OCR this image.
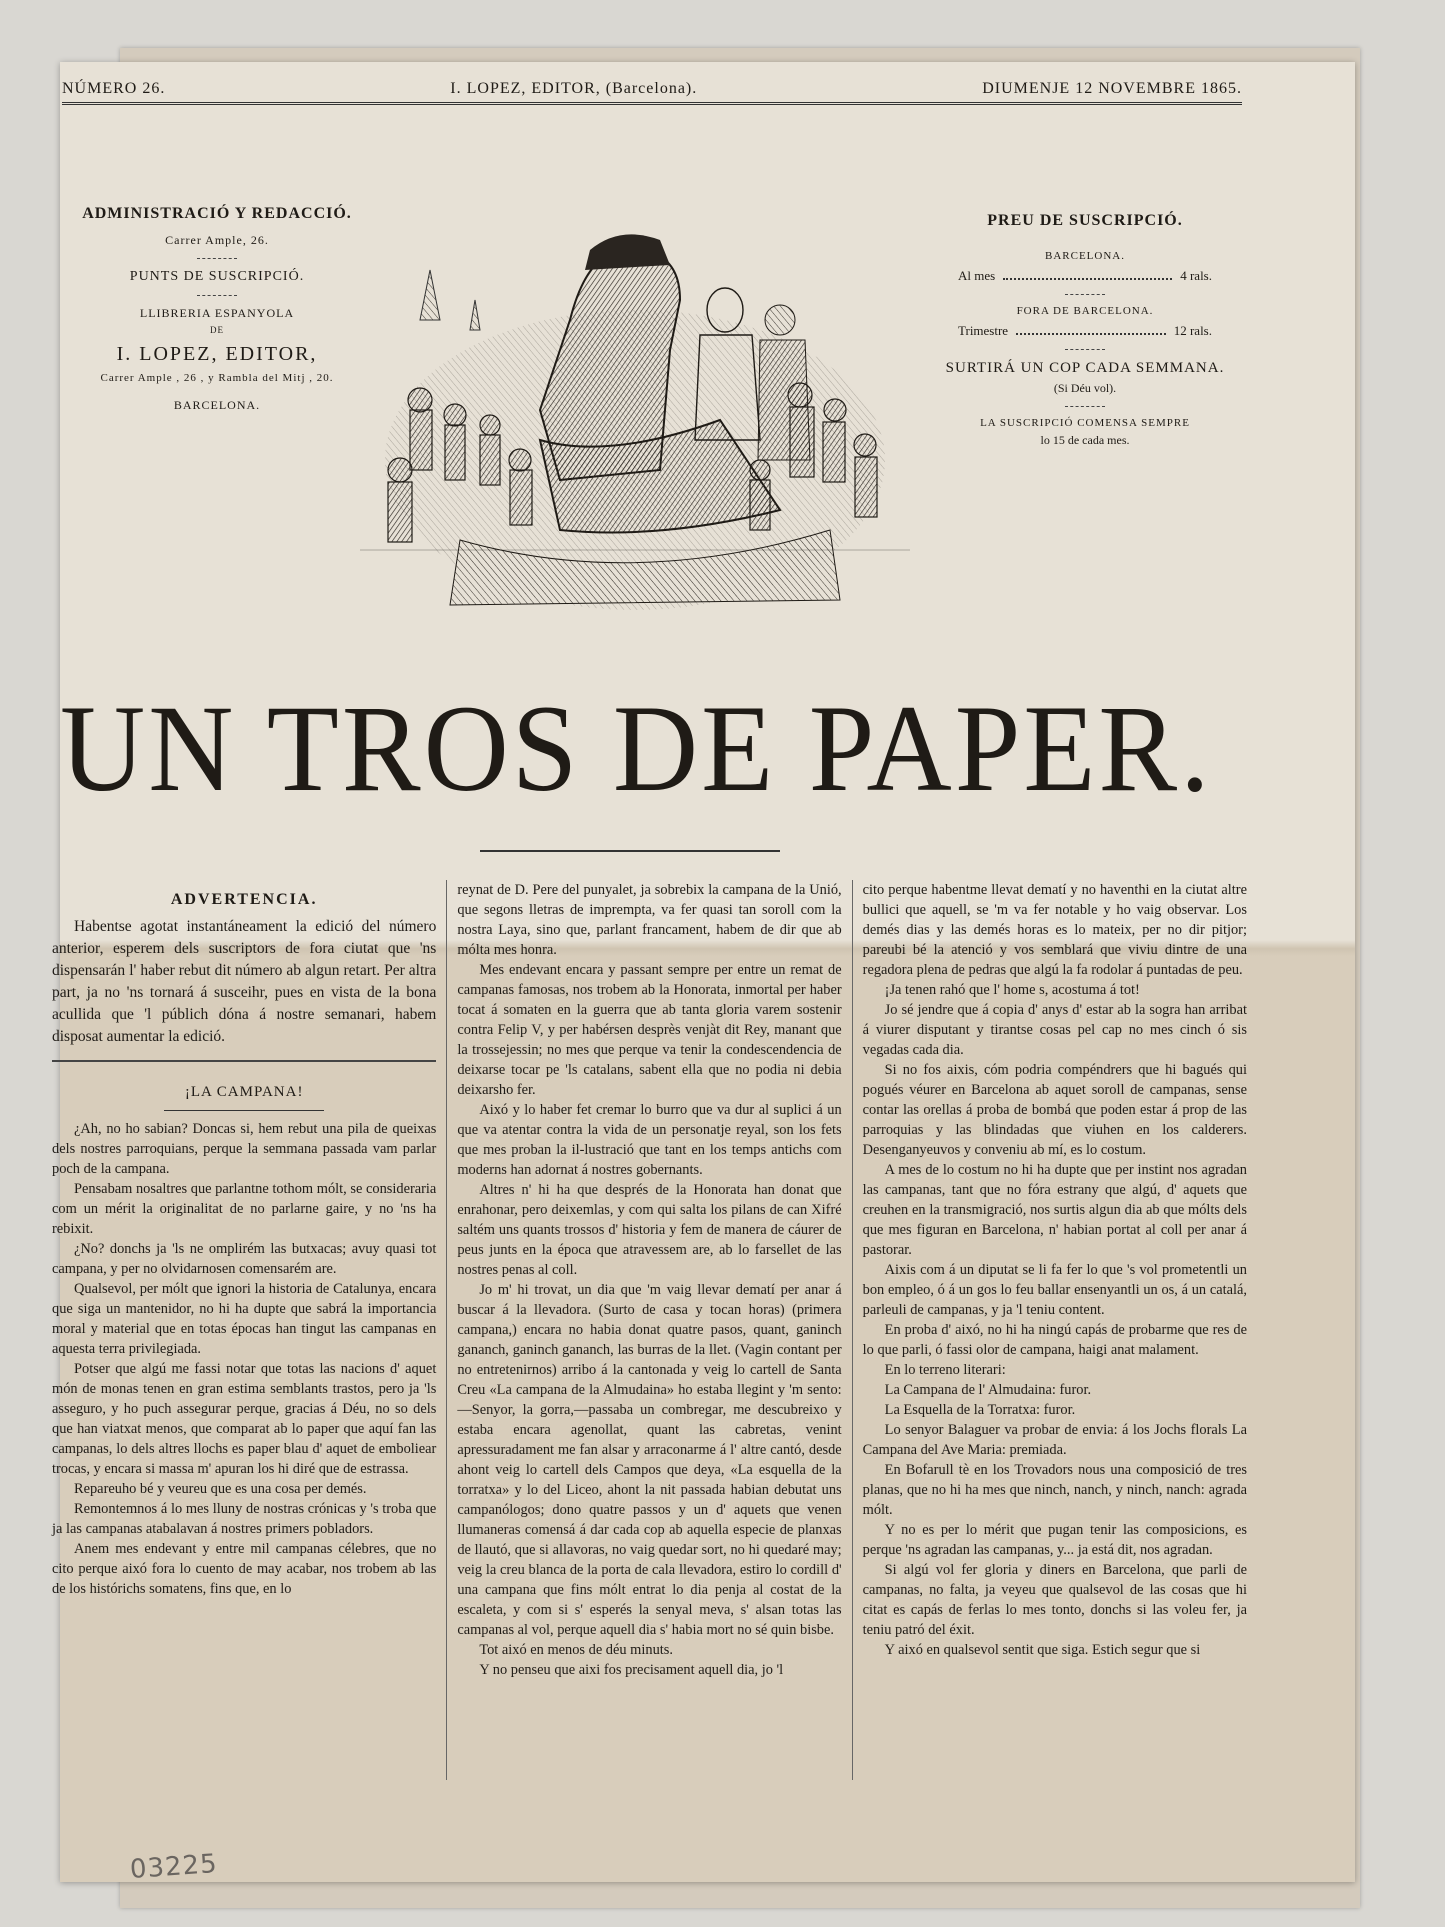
NÚMERO 26.	I. LOPEZ, EDITOR, (Barcelona).	DIUMENJE 12 NOVEMBRE 1865.
ADMINISTRACIÓ Y REDACCIÓ.
Carrer Ample, 26.
PUNTS DE SUSCRIPCIÓ.
LLIBRERIA ESPANYOLA
DE
I. LOPEZ, EDITOR,
Carrer Ample , 26 , y Rambla del Mitj , 20.
BARCELONA.
PREU DE SUSCRIPCIÓ.
BARCELONA.
Al mes	4 rals.
FORA DE BARCELONA.
Trimestre	12 rals.
SURTIRÁ UN COP CADA SEMMANA.
(Si Déu vol).
LA SUSCRIPCIÓ COMENSA SEMPRE
lo 15 de cada mes.
UN TROS DE PAPER.
ADVERTENCIA.

Habentse agotat instantáneament la edició del número anterior, esperem dels suscriptors de fora ciutat que 'ns dispensarán l' haber rebut dit número ab algun retart. Per altra part, ja no 'ns tornará á susceihr, pues en vista de la bona acullida que 'l públich dóna á nostre semanari, habem disposat aumentar la edició.

¡LA CAMPANA!

¿Ah, no ho sabian? Doncas si, hem rebut una pila de queixas dels nostres parroquians, perque la semmana passada vam parlar poch de la campana.

Pensabam nosaltres que parlantne tothom mólt, se consideraria com un mérit la originalitat de no parlarne gaire, y no 'ns ha rebixit.

¿No? donchs ja 'ls ne omplirém las butxacas; avuy quasi tot campana, y per no olvidarnosen comensarém are.

Qualsevol, per mólt que ignori la historia de Catalunya, encara que siga un mantenidor, no hi ha dupte que sabrá la importancia moral y material que en totas épocas han tingut las campanas en aquesta terra privilegiada.

Potser que algú me fassi notar que totas las nacions d' aquet món de monas tenen en gran estima semblants trastos, pero ja 'ls asseguro, y ho puch assegurar perque, gracias á Déu, no so dels que han viatxat menos, que comparat ab lo paper que aquí fan las campanas, lo dels altres llochs es paper blau d' aquet de emboliear trocas, y encara si massa m' apuran los hi diré que de estrassa.

Repareuho bé y veureu que es una cosa per demés.

Remontemnos á lo mes lluny de nostras crónicas y 's troba que ja las campanas atabalavan á nostres primers pobladors.

Anem mes endevant y entre mil campanas célebres, que no cito perque aixó fora lo cuento de may acabar, nos trobem ab las de los histórichs somatens, fins que, en lo

reynat de D. Pere del punyalet, ja sobrebix la campana de la Unió, que segons lletras de imprempta, va fer quasi tan soroll com la nostra Laya, sino que, parlant francament, habem de dir que ab mólta mes honra.

Mes endevant encara y passant sempre per entre un remat de campanas famosas, nos trobem ab la Honorata, inmortal per haber tocat á somaten en la guerra que ab tanta gloria varem sostenir contra Felip V, y per habérsen desprès venjàt dit Rey, manant que la trossejessin; no mes que perque va tenir la condescendencia de deixarse tocar pe 'ls catalans, sabent ella que no podia ni debia deixarsho fer.

Aixó y lo haber fet cremar lo burro que va dur al suplici á un que va atentar contra la vida de un personatje reyal, son los fets que mes proban la il-lustració que tant en los temps antichs com moderns han adornat á nostres gobernants.

Altres n' hi ha que després de la Honorata han donat que enrahonar, pero deixemlas, y com qui salta los pilans de can Xifré saltém uns quants trossos d' historia y fem de manera de cáurer de peus junts en la época que atravessem are, ab lo farsellet de las nostres penas al coll.

Jo m' hi trovat, un dia que 'm vaig llevar dematí per anar á buscar á la llevadora. (Surto de casa y tocan horas) (primera campana,) encara no habia donat quatre pasos, quant, ganinch gananch, ganinch gananch, las burras de la llet. (Vagin contant per no entretenirnos) arribo á la cantonada y veig lo cartell de Santa Creu «La campana de la Almudaina» ho estaba llegint y 'm sento:—Senyor, la gorra,—passaba un combregar, me descubreixo y estaba encara agenollat, quant las cabretas, venint apressuradament me fan alsar y arraconarme á l' altre cantó, desde ahont veig lo cartell dels Campos que deya, «La esquella de la torratxa» y lo del Liceo, ahont la nit passada habian debutat uns campanólogos; dono quatre passos y un d' aquets que venen llumaneras comensá á dar cada cop ab aquella especie de planxas de llautó, que si allavoras, no vaig quedar sort, no hi quedaré may; veig la creu blanca de la porta de cala llevadora, estiro lo cordill d' una campana que fins mólt entrat lo dia penja al costat de la escaleta, y com si s' esperés la senyal meva, s' alsan totas las campanas al vol, perque aquell dia s' habia mort no sé quin bisbe.

Tot aixó en menos de déu minuts.

Y no penseu que aixi fos precisament aquell dia, jo 'l

cito perque habentme llevat dematí y no haventhi en la ciutat altre bullici que aquell, se 'm va fer notable y ho vaig observar. Los demés dias y las demés horas es lo mateix, per no dir pitjor; pareubi bé la atenció y vos semblará que viviu dintre de una regadora plena de pedras que algú la fa rodolar á puntadas de peu.

¡Ja tenen rahó que l' home s, acostuma á tot!

Jo sé jendre que á copia d' anys d' estar ab la sogra han arribat á viurer disputant y tirantse cosas pel cap no mes cinch ó sis vegadas cada dia.

Si no fos aixis, cóm podria compéndrers que hi bagués qui pogués véurer en Barcelona ab aquet soroll de campanas, sense contar las orellas á proba de bombá que poden estar á prop de las parroquias y las blindadas que viuhen en los calderers. Desenganyeuvos y conveniu ab mí, es lo costum.

A mes de lo costum no hi ha dupte que per instint nos agradan las campanas, tant que no fóra estrany que algú, d' aquets que creuhen en la transmigració, nos surtis algun dia ab que mólts dels que mes figuran en Barcelona, n' habian portat al coll per anar á pastorar.

Aixis com á un diputat se li fa fer lo que 's vol prometentli un bon empleo, ó á un gos lo feu ballar ensenyantli un os, á un catalá, parleuli de campanas, y ja 'l teniu content.

En proba d' aixó, no hi ha ningú capás de probarme que res de lo que parli, ó fassi olor de campana, haigi anat malament.

En lo terreno literari:

La Campana de l' Almudaina: furor.

La Esquella de la Torratxa: furor.

Lo senyor Balaguer va probar de envia: á los Jochs florals La Campana del Ave Maria: premiada.

En Bofarull tè en los Trovadors nous una composició de tres planas, que no hi ha mes que ninch, nanch, y ninch, nanch: agrada mólt.

Y no es per lo mérit que pugan tenir las composicions, es perque 'ns agradan las campanas, y... ja está dit, nos agradan.

Si algú vol fer gloria y diners en Barcelona, que parli de campanas, no falta, ja veyeu que qualsevol de las cosas que hi citat es capás de ferlas lo mes tonto, donchs si las voleu fer, ja teniu patró del éxit.

Y aixó en qualsevol sentit que siga. Estich segur que si

03225
